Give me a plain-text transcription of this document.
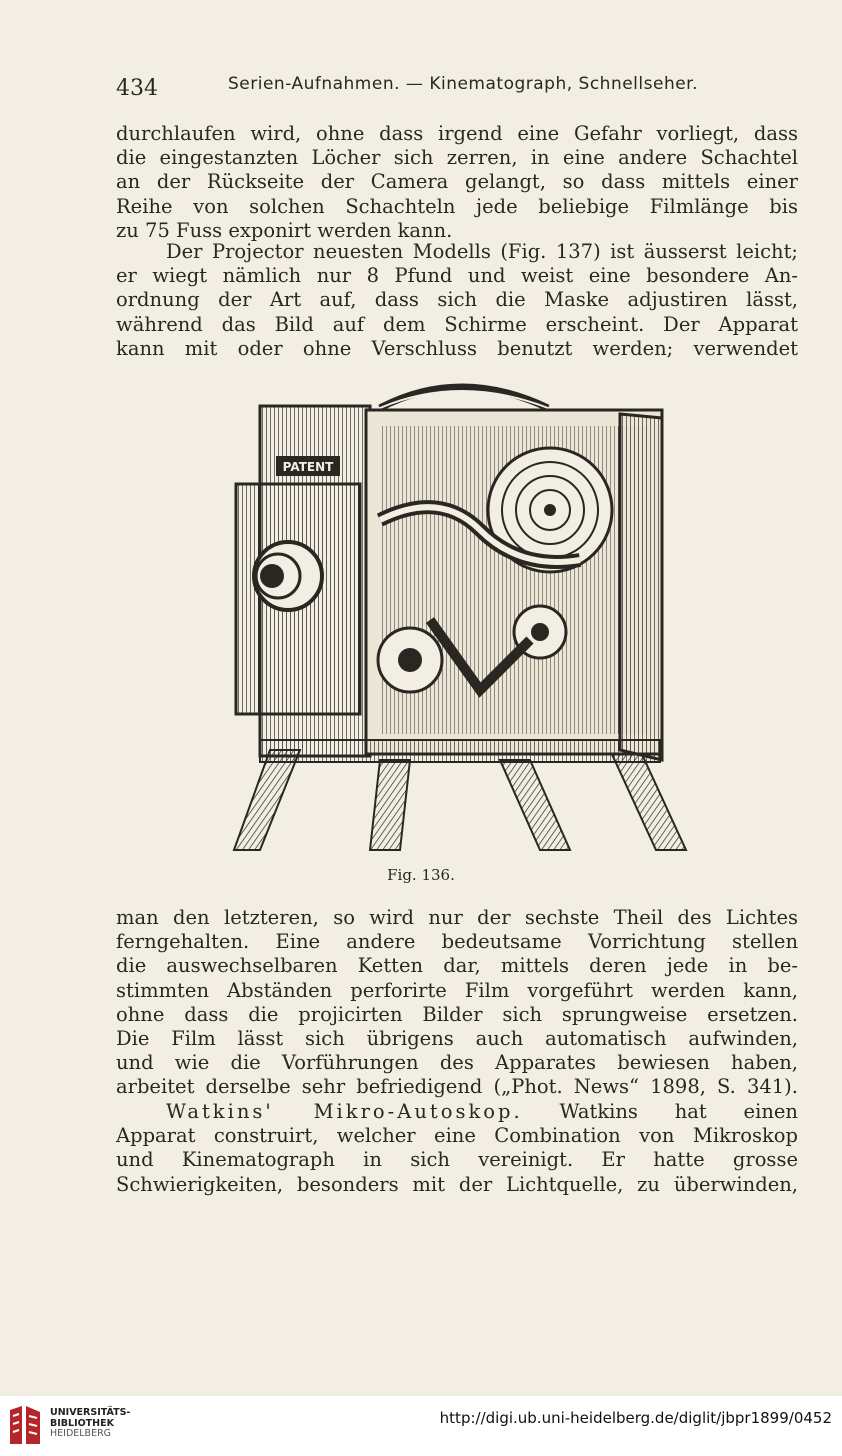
434	Serien-Aufnahmen. — Kinematograph, Schnellseher.

durchlaufen wird, ohne dass irgend eine Gefahr vorliegt, dass
die eingestanzten Löcher sich zerren, in eine andere Schachtel
an der Rückseite der Camera gelangt, so dass mittels einer
Reihe von solchen Schachteln jede beliebige Filmlänge bis
zu 75 Fuss exponirt werden kann.

Der Projector neuesten Modells (Fig. 137) ist äusserst leicht;
er wiegt nämlich nur 8 Pfund und weist eine besondere An-
ordnung der Art auf, dass sich die Maske adjustiren lässt,
während das Bild auf dem Schirme erscheint. Der Apparat
kann mit oder ohne Verschluss benutzt werden; verwendet

PATENT
Fig. 136.

man den letzteren, so wird nur der sechste Theil des Lichtes
ferngehalten. Eine andere bedeutsame Vorrichtung stellen
die auswechselbaren Ketten dar, mittels deren jede in be-
stimmten Abständen perforirte Film vorgeführt werden kann,
ohne dass die projicirten Bilder sich sprungweise ersetzen.
Die Film lässt sich übrigens auch automatisch aufwinden,
und wie die Vorführungen des Apparates bewiesen haben,
arbeitet derselbe sehr befriedigend („Phot. News“ 1898, S. 341).

Watkins' Mikro-Autoskop. Watkins hat einen
Apparat construirt, welcher eine Combination von Mikroskop
und Kinematograph in sich vereinigt. Er hatte grosse
Schwierigkeiten, besonders mit der Lichtquelle, zu überwinden,

UNIVERSITÄTS-
BIBLIOTHEK
HEIDELBERG
http://digi.ub.uni-heidelberg.de/diglit/jbpr1899/0452
